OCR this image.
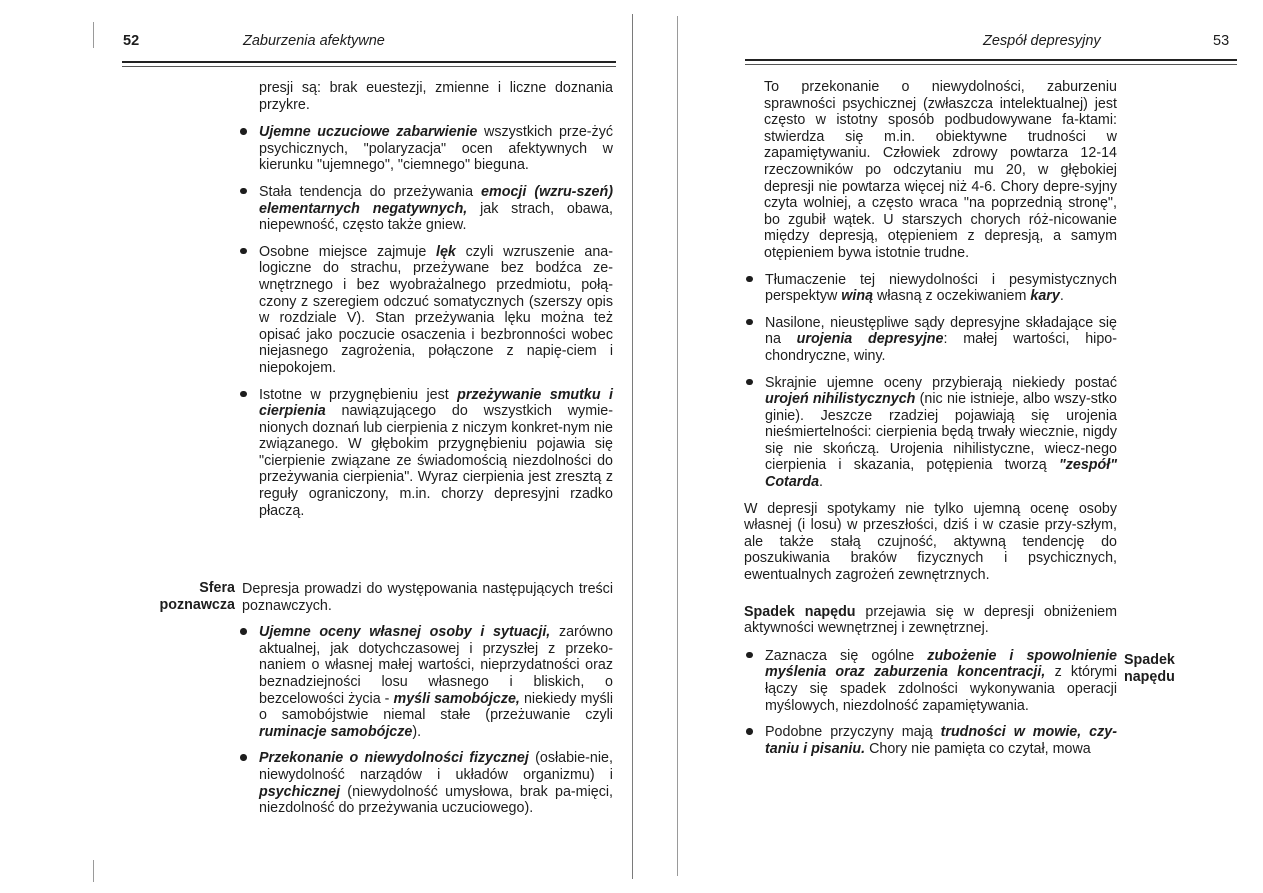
52	Zaburzenia afektywne

presji są: brak euestezji, zmienne i liczne doznania przykre.

Ujemne uczuciowe zabarwienie wszystkich prze-żyć psychicznych, "polaryzacja" ocen afektywnych w kierunku "ujemnego", "ciemnego" bieguna.

Stała tendencja do przeżywania emocji (wzru-szeń) elementarnych negatywnych, jak strach, obawa, niepewność, często także gniew.

Osobne miejsce zajmuje lęk czyli wzruszenie ana-logiczne do strachu, przeżywane bez bodźca ze-wnętrznego i bez wyobrażalnego przedmiotu, połą-czony z szeregiem odczuć somatycznych (szerszy opis w rozdziale V). Stan przeżywania lęku można też opisać jako poczucie osaczenia i bezbronności wobec niejasnego zagrożenia, połączone z napię-ciem i niepokojem.

Istotne w przygnębieniu jest przeżywanie smutku i cierpienia nawiązującego do wszystkich wymie-nionych doznań lub cierpienia z niczym konkret-nym nie związanego. W głębokim przygnębieniu pojawia się "cierpienie związane ze świadomością niezdolności do przeżywania cierpienia". Wyraz cierpienia jest zresztą z reguły ograniczony, m.in. chorzy depresyjni rzadko płaczą.

Sfera
poznawcza

Depresja prowadzi do występowania następujących treści poznawczych.

Ujemne oceny własnej osoby i sytuacji, zarówno aktualnej, jak dotychczasowej i przyszłej z przeko-naniem o własnej małej wartości, nieprzydatności oraz beznadziejności losu własnego i bliskich, o bezcelowości życia - myśli samobójcze, niekiedy myśli o samobójstwie niemal stałe (przeżuwanie czyli ruminacje samobójcze).

Przekonanie o niewydolności fizycznej (osłabie-nie, niewydolność narządów i układów organizmu) i psychicznej (niewydolność umysłowa, brak pa-mięci, niezdolność do przeżywania uczuciowego).

Zespół depresyjny	53

To przekonanie o niewydolności, zaburzeniu sprawności psychicznej (zwłaszcza intelektualnej) jest często w istotny sposób podbudowywane fa-ktami: stwierdza się m.in. obiektywne trudności w zapamiętywaniu. Człowiek zdrowy powtarza 12-14 rzeczowników po odczytaniu mu 20, w głębokiej depresji nie powtarza więcej niż 4-6. Chory depre-syjny czyta wolniej, a często wraca "na poprzednią stronę", bo zgubił wątek. U starszych chorych róż-nicowanie między depresją, otępieniem z depresją, a samym otępieniem bywa istotnie trudne.

Tłumaczenie tej niewydolności i pesymistycznych perspektyw winą własną z oczekiwaniem kary.

Nasilone, nieustępliwe sądy depresyjne składające się na urojenia depresyjne: małej wartości, hipo-chondryczne, winy.

Skrajnie ujemne oceny przybierają niekiedy postać urojeń nihilistycznych (nic nie istnieje, albo wszy-stko ginie). Jeszcze rzadziej pojawiają się urojenia nieśmiertelności: cierpienia będą trwały wiecznie, nigdy się nie skończą. Urojenia nihilistyczne, wiecz-nego cierpienia i skazania, potępienia tworzą "zespół" Cotarda.

W depresji spotykamy nie tylko ujemną ocenę osoby własnej (i losu) w przeszłości, dziś i w czasie przy-szłym, ale także stałą czujność, aktywną tendencję do poszukiwania braków fizycznych i psychicznych, ewentualnych zagrożeń zewnętrznych.

Spadek napędu przejawia się w depresji obniżeniem aktywności wewnętrznej i zewnętrznej.

Zaznacza się ogólne zubożenie i spowolnienie myślenia oraz zaburzenia koncentracji, z którymi łączy się spadek zdolności wykonywania operacji myślowych, niezdolność zapamiętywania.

Podobne przyczyny mają trudności w mowie, czy-taniu i pisaniu. Chory nie pamięta co czytał, mowa

Spadek
napędu
